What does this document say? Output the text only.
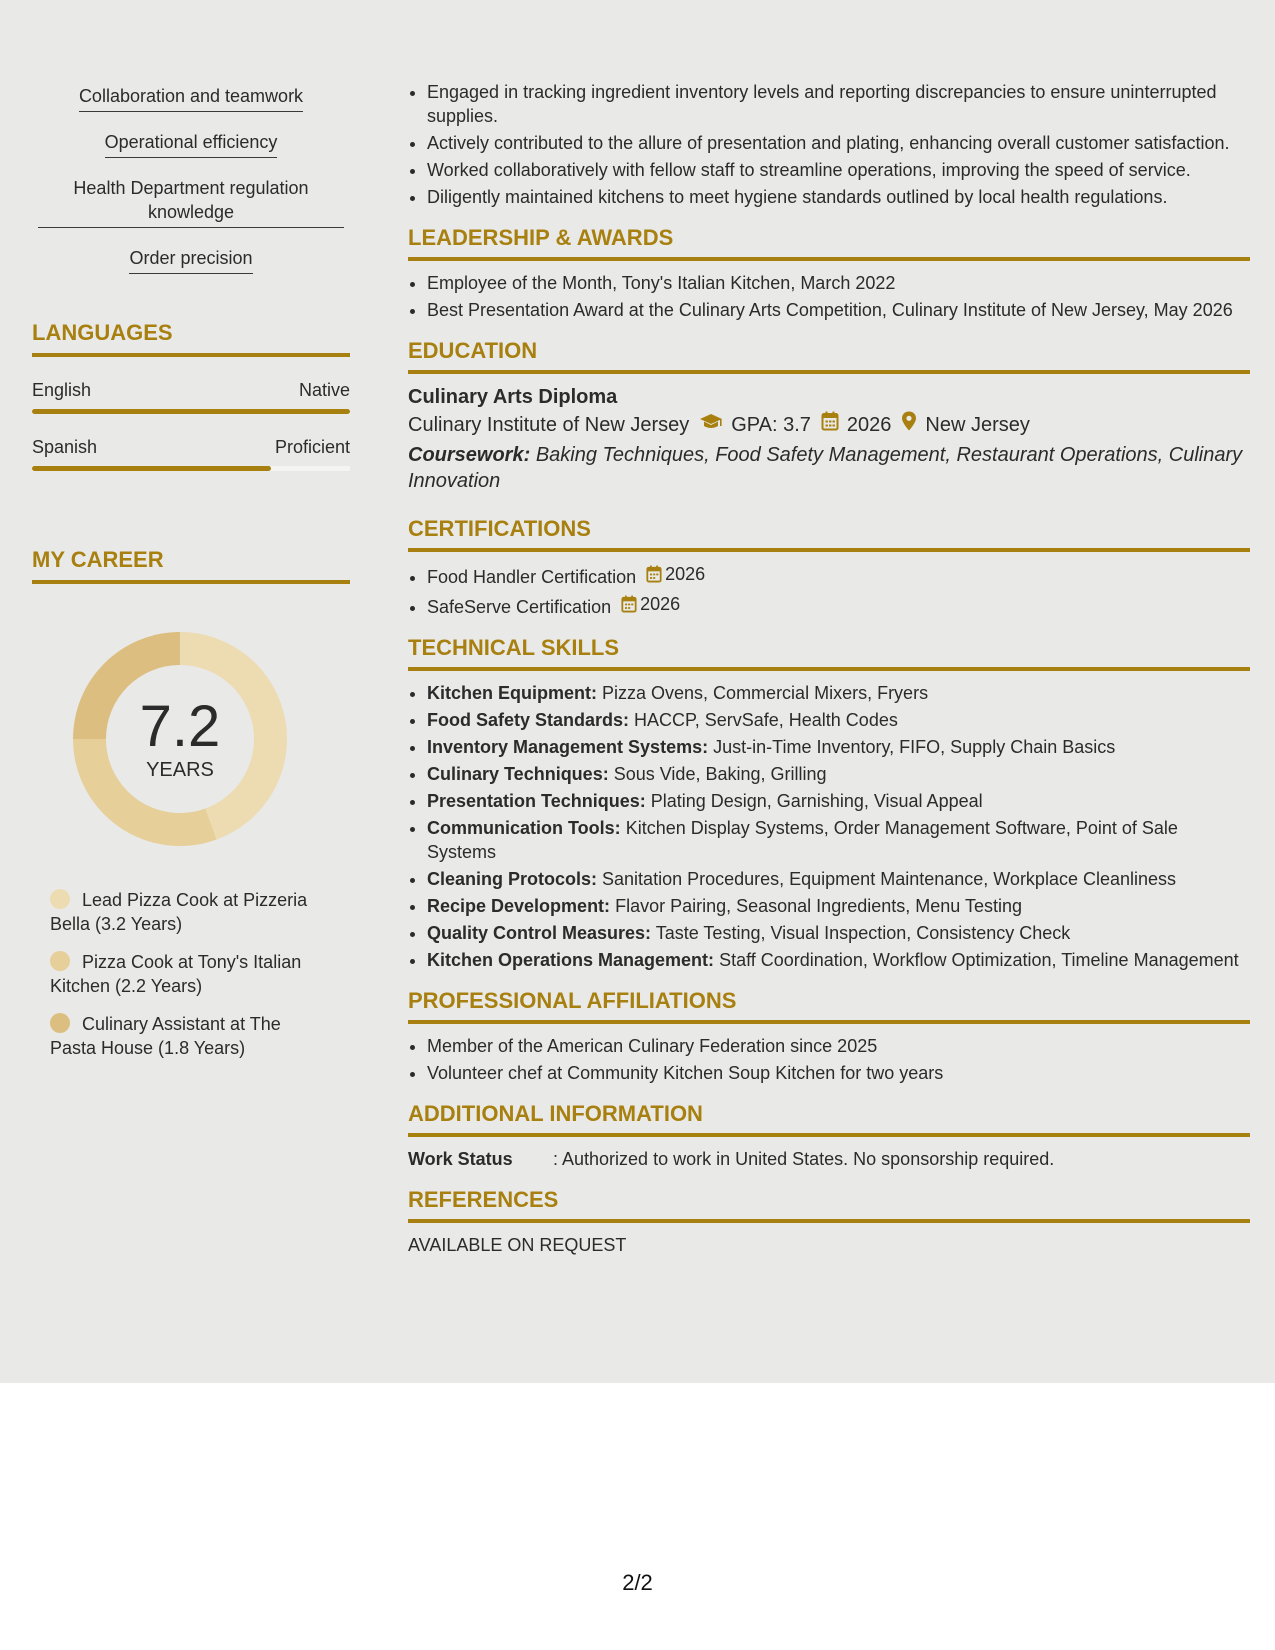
Collaboration and teamwork
Operational efficiency
Health Department regulation knowledge
Order precision
LANGUAGES
English	Native
Spanish	Proficient
MY CAREER
7.2
YEARS
Lead Pizza Cook at Pizzeria Bella (3.2 Years)
Pizza Cook at Tony's Italian Kitchen (2.2 Years)
Culinary Assistant at The Pasta House (1.8 Years)
• Engaged in tracking ingredient inventory levels and reporting discrepancies to ensure uninterrupted supplies.
• Actively contributed to the allure of presentation and plating, enhancing overall customer satisfaction.
• Worked collaboratively with fellow staff to streamline operations, improving the speed of service.
• Diligently maintained kitchens to meet hygiene standards outlined by local health regulations.
LEADERSHIP & AWARDS
• Employee of the Month, Tony's Italian Kitchen, March 2022
• Best Presentation Award at the Culinary Arts Competition, Culinary Institute of New Jersey, May 2026
EDUCATION
Culinary Arts Diploma
Culinary Institute of New Jersey GPA: 3.7 2026 New Jersey
Coursework: Baking Techniques, Food Safety Management, Restaurant Operations, Culinary Innovation
CERTIFICATIONS
• Food Handler Certification 2026
• SafeServe Certification 2026
TECHNICAL SKILLS
• Kitchen Equipment: Pizza Ovens, Commercial Mixers, Fryers
• Food Safety Standards: HACCP, ServSafe, Health Codes
• Inventory Management Systems: Just-in-Time Inventory, FIFO, Supply Chain Basics
• Culinary Techniques: Sous Vide, Baking, Grilling
• Presentation Techniques: Plating Design, Garnishing, Visual Appeal
• Communication Tools: Kitchen Display Systems, Order Management Software, Point of Sale Systems
• Cleaning Protocols: Sanitation Procedures, Equipment Maintenance, Workplace Cleanliness
• Recipe Development: Flavor Pairing, Seasonal Ingredients, Menu Testing
• Quality Control Measures: Taste Testing, Visual Inspection, Consistency Check
• Kitchen Operations Management: Staff Coordination, Workflow Optimization, Timeline Management
PROFESSIONAL AFFILIATIONS
• Member of the American Culinary Federation since 2025
• Volunteer chef at Community Kitchen Soup Kitchen for two years
ADDITIONAL INFORMATION
Work Status	: Authorized to work in United States. No sponsorship required.
REFERENCES
AVAILABLE ON REQUEST
2/2
